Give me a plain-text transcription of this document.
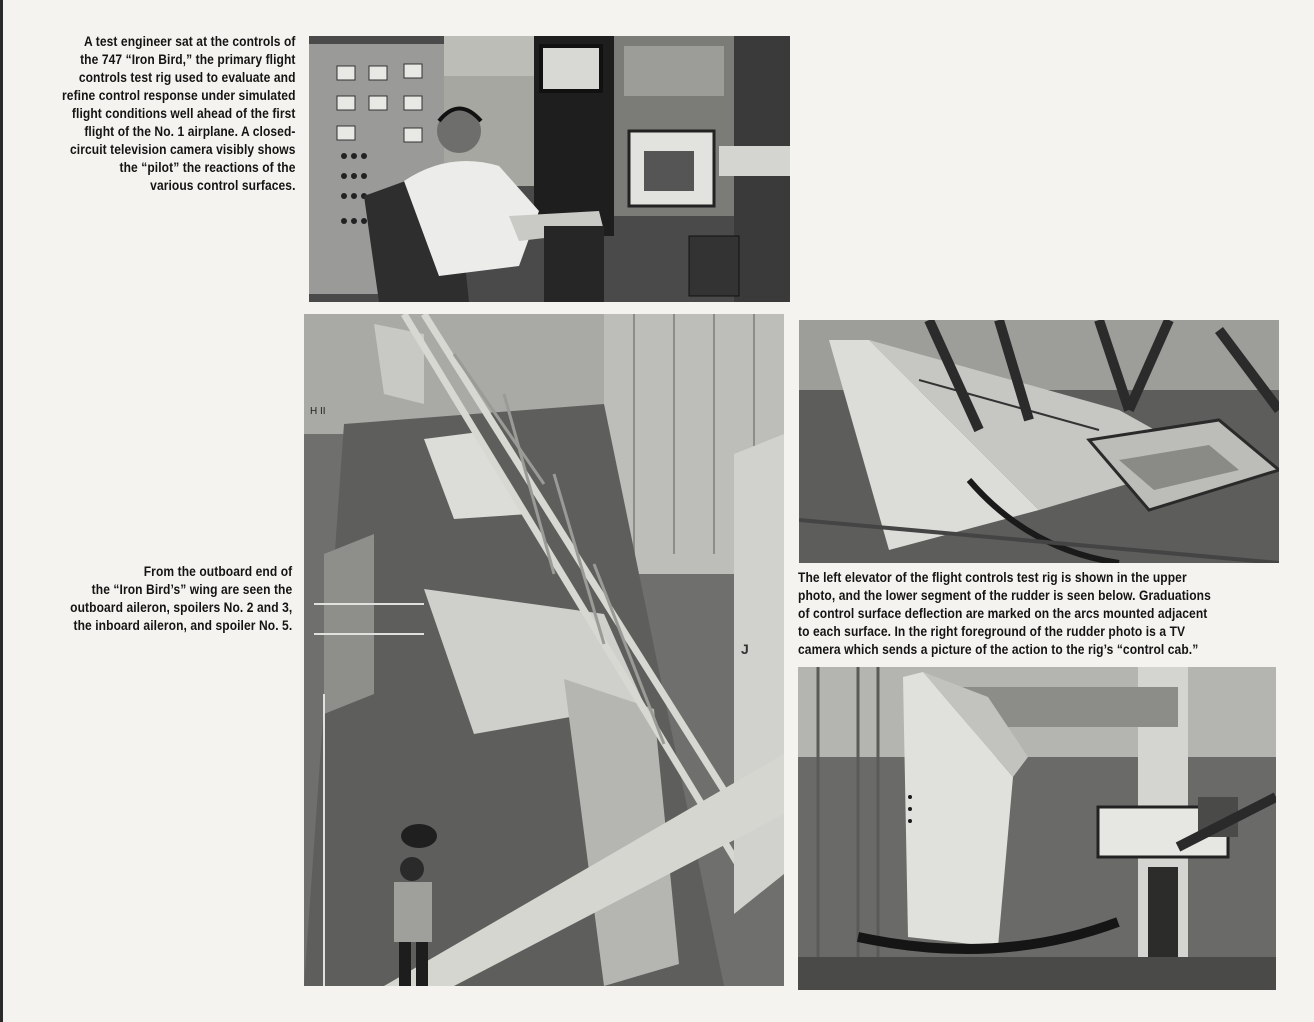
A test engineer sat at the controls of
the 747 “Iron Bird,” the primary flight
controls test rig used to evaluate and
refine control response under simulated
flight conditions well ahead of the first
flight of the No. 1 airplane. A closed-
circuit television camera visibly shows
the “pilot” the reactions of the
various control surfaces.
From the outboard end of
the “Iron Bird’s” wing are seen the
outboard aileron, spoilers No. 2 and 3,
the inboard aileron, and spoiler No. 5.
The left elevator of the flight controls test rig is shown in the upper
photo, and the lower segment of the rudder is seen below. Graduations
of control surface deflection are marked on the arcs mounted adjacent
to each surface. In the right foreground of the rudder photo is a TV
camera which sends a picture of the action to the rig’s “control cab.”
J
H II
